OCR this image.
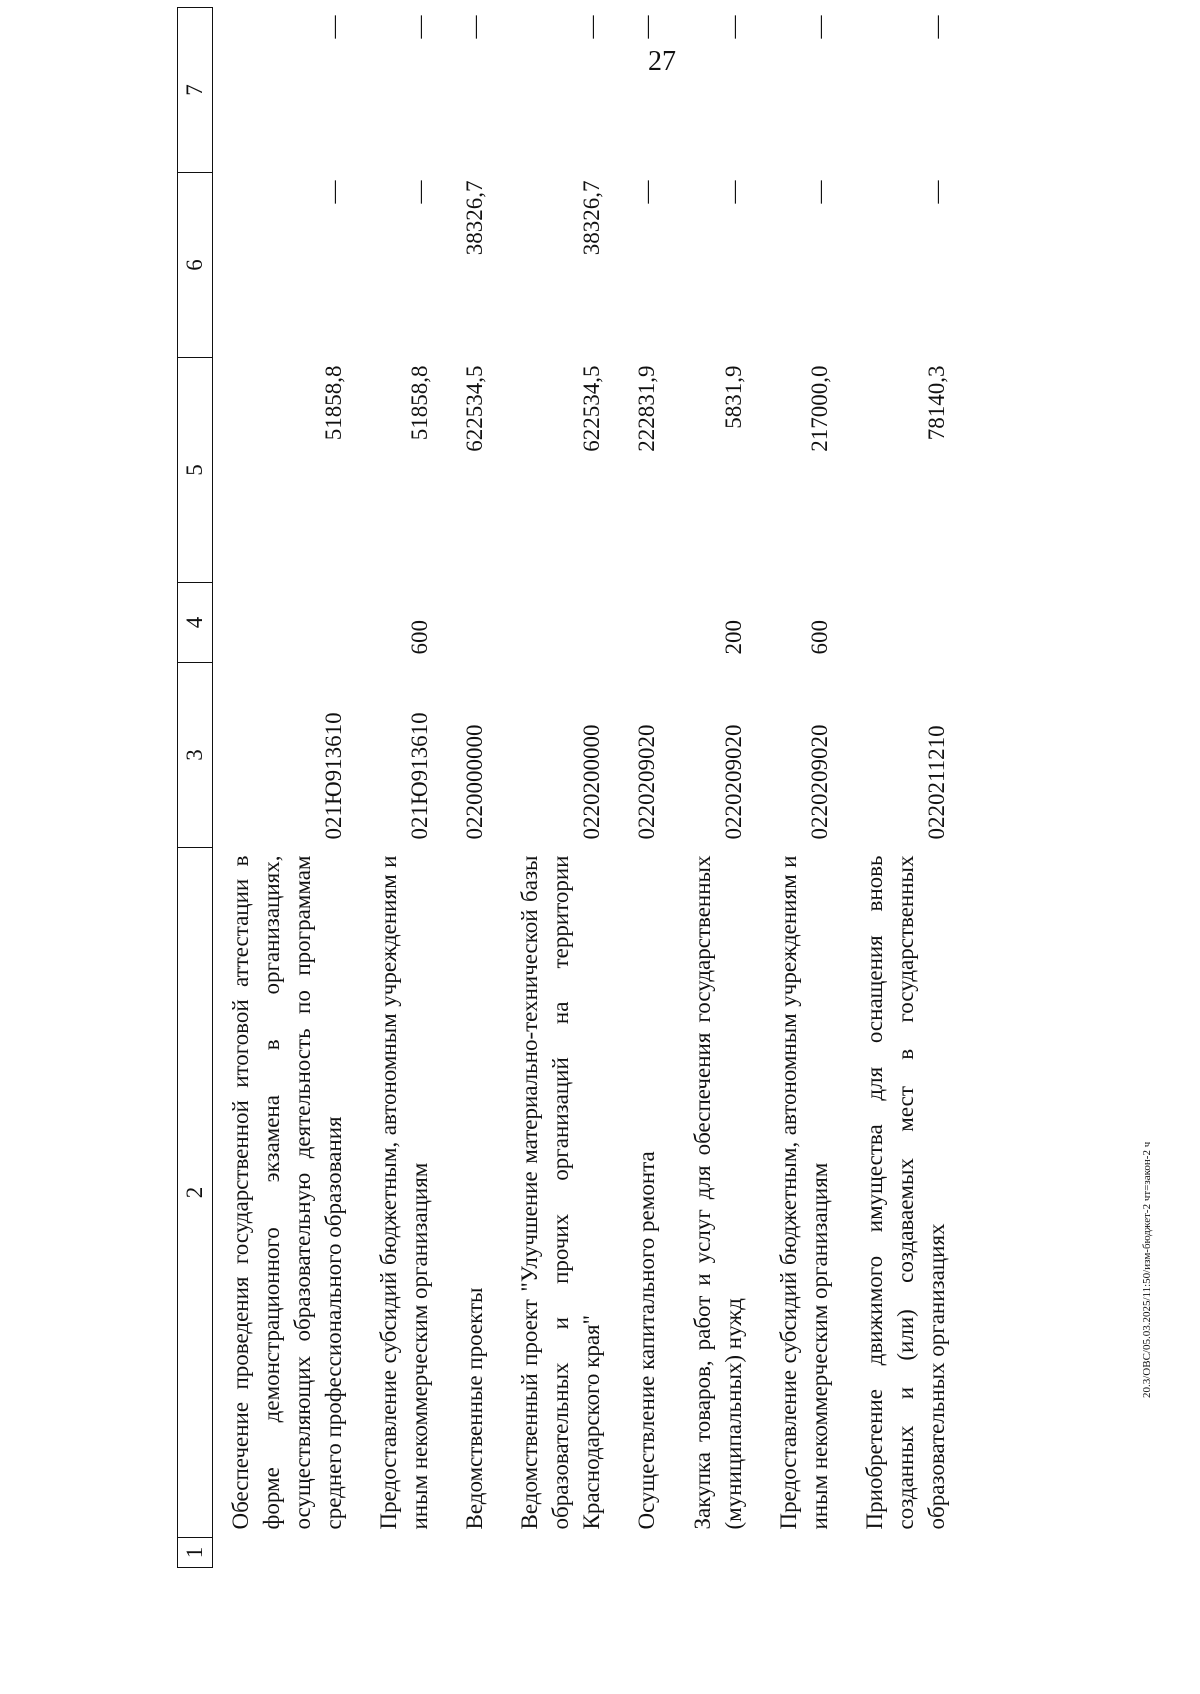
27
20.3/ОВС/05.03.2025/11:50/изм-бюджет-2 чт=закон-2 ч
1	2	3	4	5	6	7
	Обеспечение проведения государственной итоговой аттестации в форме демонстрационного экзамена в организациях, осуществляющих образовательную деятельность по программам среднего профессионального образования	021Ю913610		51858,8	—	—
	Предоставление субсидий бюджетным, автономным учреждениям и иным некоммерческим организациям	021Ю913610	600	51858,8	—	—
	Ведомственные проекты	0220000000		622534,5	38326,7	—
	Ведомственный проект "Улучшение материально-технической базы образовательных и прочих организаций на территории Краснодарского края"	0220200000		622534,5	38326,7	—
	Осуществление капитального ремонта	0220209020		222831,9	—	—
	Закупка товаров, работ и услуг для обеспечения государственных (муниципальных) нужд	0220209020	200	5831,9	—	—
	Предоставление субсидий бюджетным, автономным учреждениям и иным некоммерческим организациям	0220209020	600	217000,0	—	—
	Приобретение движимого имущества для оснащения вновь созданных и (или) создаваемых мест в государственных образовательных организациях	0220211210		78140,3	—	—
